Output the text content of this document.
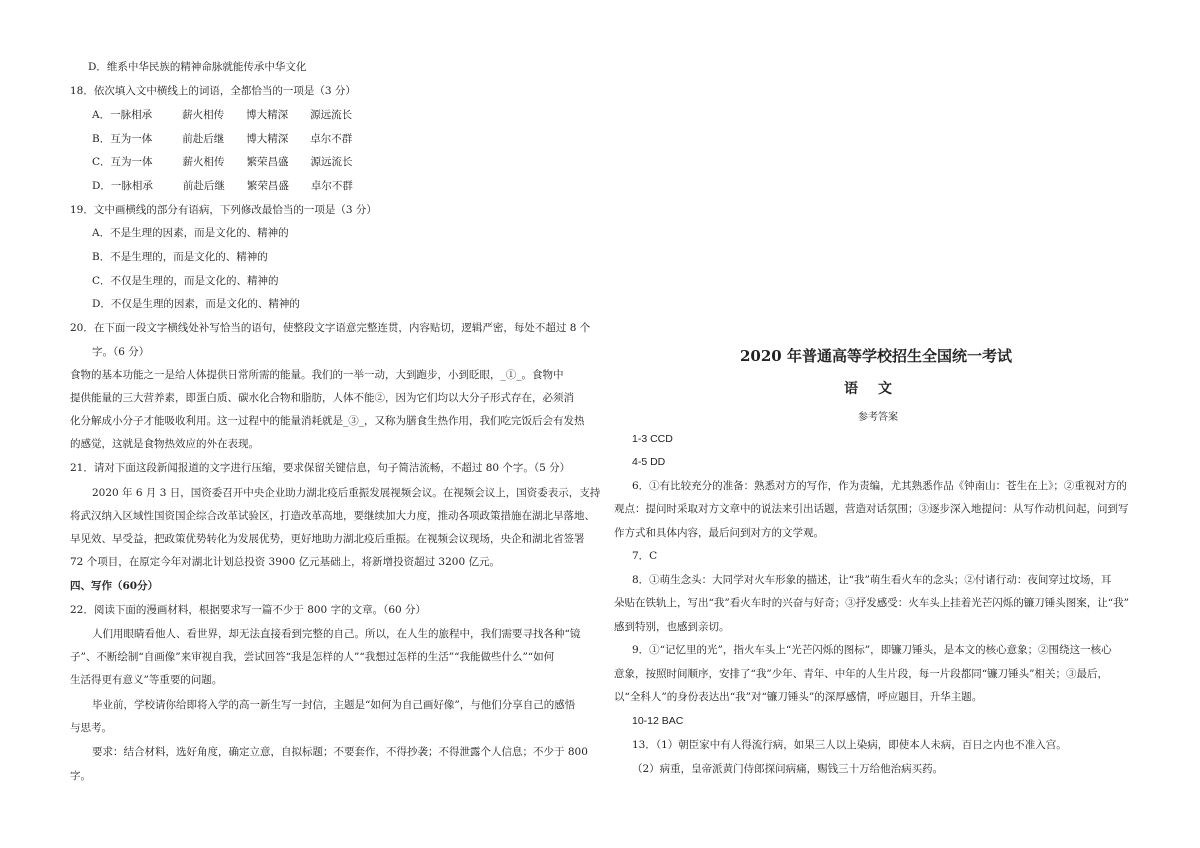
D．维系中华民族的精神命脉就能传承中华文化
18．依次填入文中横线上的词语，全都恰当的一项是（3 分）
A．一脉相承	薪火相传 博大精深 源远流长
B．互为一体	前赴后继 博大精深 卓尔不群
C．互为一体	薪火相传 繁荣昌盛 源远流长
D．一脉相承	前赴后继 繁荣昌盛 卓尔不群
19．文中画横线的部分有语病，下列修改最恰当的一项是（3 分）
A．不是生理的因素，而是文化的、精神的
B．不是生理的，而是文化的、精神的
C．不仅是生理的，而是文化的、精神的
D．不仅是生理的因素，而是文化的、精神的
20．在下面一段文字横线处补写恰当的语句，使整段文字语意完整连贯，内容贴切，逻辑严密，每处不超过 8 个
字。（6 分）
食物的基本功能之一是给人体提供日常所需的能量。我们的一举一动，大到跑步，小到眨眼，_①_。食物中
提供能量的三大营养素，即蛋白质、碳水化合物和脂肪，人体不能②，因为它们均以大分子形式存在，必须消
化分解成小分子才能吸收利用。这一过程中的能量消耗就是_③_，又称为膳食生热作用，我们吃完饭后会有发热
的感觉，这就是食物热效应的外在表现。
21．请对下面这段新闻报道的文字进行压缩，要求保留关键信息，句子简洁流畅，不超过 80 个字。（5 分）
2020 年 6 月 3 日，国资委召开中央企业助力湖北疫后重振发展视频会议。在视频会议上，国资委表示，支持
将武汉纳入区域性国资国企综合改革试验区，打造改革高地，要继续加大力度，推动各项政策措施在湖北早落地、
早见效、早受益，把政策优势转化为发展优势，更好地助力湖北疫后重振。在视频会议现场，央企和湖北省签署
72 个项目，在原定今年对湖北计划总投资 3900 亿元基础上，将新增投资超过 3200 亿元。
四、写作（60分）
22．阅读下面的漫画材料，根据要求写一篇不少于 800 字的文章。（60 分）
人们用眼睛看他人、看世界，却无法直接看到完整的自己。所以，在人生的旅程中，我们需要寻找各种“镜
子”、不断绘制“自画像”来审视自我，尝试回答“我是怎样的人”“我想过怎样的生活”“我能做些什么”“如何
生活得更有意义”等重要的问题。
毕业前，学校请你给即将入学的高一新生写一封信，主题是“如何为自己画好像”，与他们分享自己的感悟
与思考。
要求：结合材料，选好角度，确定立意，自拟标题；不要套作，不得抄袭；不得泄露个人信息；不少于 800
字。
2020 年普通高等学校招生全国统一考试
语文
参考答案
1-3 CCD
4-5 DD
6．①有比较充分的准备：熟悉对方的写作，作为责编，尤其熟悉作品《钟南山：苍生在上》；②重视对方的
观点：提问时采取对方文章中的说法来引出话题，营造对话氛围；③逐步深入地提问：从写作动机问起，问到写
作方式和具体内容，最后问到对方的文学观。
7．C
8．①萌生念头：大同学对火车形象的描述，让“我”萌生看火车的念头；②付诸行动：夜间穿过坟场，耳
朵贴在铁轨上，写出“我”看火车时的兴奋与好奇；③抒发感受：火车头上挂着光芒闪烁的镰刀锤头图案，让“我”
感到特别，也感到亲切。
9．①“记忆里的光”，指火车头上“光芒闪烁的图标”，即镰刀锤头，是本文的核心意象；②围绕这一核心
意象，按照时间顺序，安排了“我”少年、青年、中年的人生片段，每一片段都同“镰刀锤头”相关；③最后，
以“全科人”的身份表达出“我”对“镰刀锤头”的深厚感情，呼应题目，升华主题。
10-12 BAC
13．（1）朝臣家中有人得流行病，如果三人以上染病，即使本人未病，百日之内也不准入宫。
（2）病重，皇帝派黄门侍郎探问病痛，赐钱三十万给他治病买药。
